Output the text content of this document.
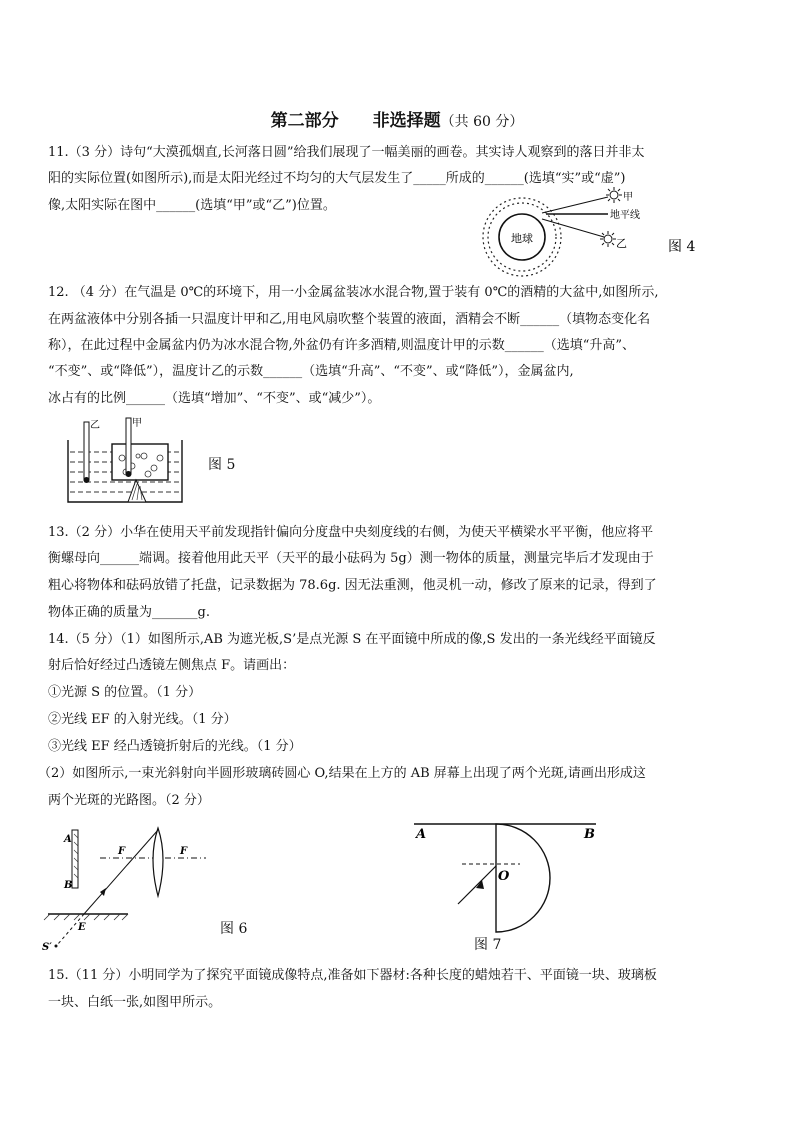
第二部分　　非选择题（共 60 分）
11.（3 分）诗句“大漠孤烟直,长河落日圆”给我们展现了一幅美丽的画卷。其实诗人观察到的落日并非太
阳的实际位置(如图所示),而是太阳光经过不均匀的大气层发生了_____所成的______(选填“实”或“虚”)
像,太阳实际在图中______(选填“甲”或“乙”)位置。
地球
甲
地平线
乙	图 4
12. （4 分）在气温是 0℃的环境下，用一小金属盆装冰水混合物,置于装有 0℃的酒精的大盆中,如图所示,
在两盆液体中分别各插一只温度计甲和乙,用电风扇吹整个装置的液面，酒精会不断______（填物态变化名
称），在此过程中金属盆内仍为冰水混合物,外盆仍有许多酒精,则温度计甲的示数______（选填“升高”、
“不变”、或“降低”），温度计乙的示数______（选填“升高”、“不变”、或“降低”），金属盆内,
冰占有的比例______（选填“增加”、“不变”、或“减少”）。
乙	甲
图 5
13.（2 分）小华在使用天平前发现指针偏向分度盘中央刻度线的右侧，为使天平横梁水平平衡，他应将平
衡螺母向______端调。接着他用此天平（天平的最小砝码为 5g）测一物体的质量，测量完毕后才发现由于
粗心将物体和砝码放错了托盘，记录数据为 78.6g. 因无法重测，他灵机一动，修改了原来的记录，得到了
物体正确的质量为_______g.
14.（5 分）（1）如图所示,AB 为遮光板,S’是点光源 S 在平面镜中所成的像,S 发出的一条光线经平面镜反
射后恰好经过凸透镜左侧焦点 F。请画出：
①光源 S 的位置。（1 分）
②光线 EF 的入射光线。（1 分）
③光线 EF 经凸透镜折射后的光线。（1 分）
（2）如图所示,一束光斜射向半圆形玻璃砖圆心 O,结果在上方的 AB 屏幕上出现了两个光斑,请画出形成这
两个光斑的光路图。（2 分）
A
B
F	F
E
S′
图 6
A	B
O
图 7
15.（11 分）小明同学为了探究平面镜成像特点,准备如下器材:各种长度的蜡烛若干、平面镜一块、玻璃板
一块、白纸一张,如图甲所示。
